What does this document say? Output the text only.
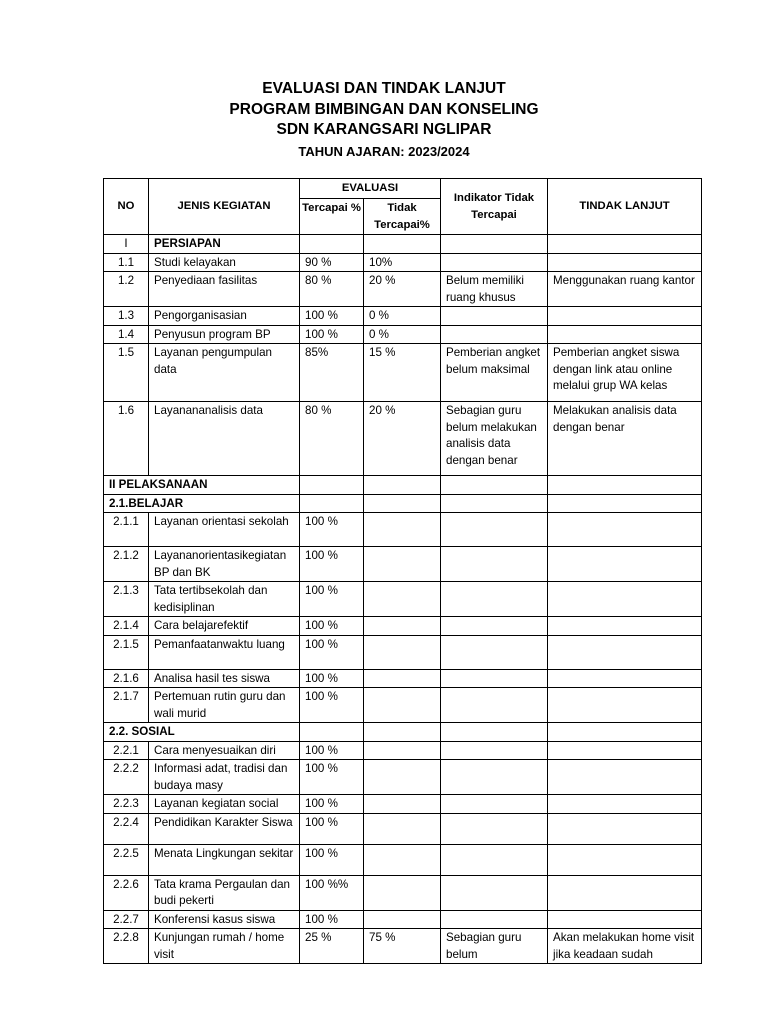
EVALUASI DAN TINDAK LANJUT
PROGRAM BIMBINGAN DAN KONSELING
SDN KARANGSARI NGLIPAR
TAHUN AJARAN: 2023/2024
NO	JENIS KEGIATAN	EVALUASI		Indikator Tidak Tercapai	TINDAK LANJUT
		Tercapai %	Tidak Tercapai%		
I	PERSIAPAN				
1.1	Studi kelayakan	90 %	10%		
1.2	Penyediaan fasilitas	80 %	20 %	Belum memiliki ruang khusus	Menggunakan ruang kantor
1.3	Pengorganisasian	100 %	0 %		
1.4	Penyusun program BP	100 %	0 %		
1.5	Layanan pengumpulan data	85%	15 %	Pemberian angket belum maksimal	Pemberian angket siswa dengan link atau online melalui grup WA kelas
1.6	Layanananalisis data	80 %	20 %	Sebagian guru belum melakukan analisis data dengan benar	Melakukan analisis data dengan benar
II PELAKSANAAN					
2.1.BELAJAR					
2.1.1	Layanan orientasi sekolah	100 %			
2.1.2	Layananorientasikegiatan BP dan BK	100 %			
2.1.3	Tata tertibsekolah dan kedisiplinan	100 %			
2.1.4	Cara belajarefektif	100 %			
2.1.5	Pemanfaatanwaktu luang	100 %			
2.1.6	Analisa hasil tes siswa	100 %			
2.1.7	Pertemuan rutin guru dan wali murid	100 %			
2.2. SOSIAL					
2.2.1	Cara menyesuaikan diri	100 %			
2.2.2	Informasi adat, tradisi dan budaya masy	100 %			
2.2.3	Layanan kegiatan social	100 %			
2.2.4	Pendidikan Karakter Siswa	100 %			
2.2.5	Menata Lingkungan sekitar	100 %			
2.2.6	Tata krama Pergaulan dan budi pekerti	100 %%			
2.2.7	Konferensi kasus siswa	100 %			
2.2.8	Kunjungan rumah / home visit	25 %	75 %	Sebagian guru belum	Akan melakukan home visit jika keadaan sudah
